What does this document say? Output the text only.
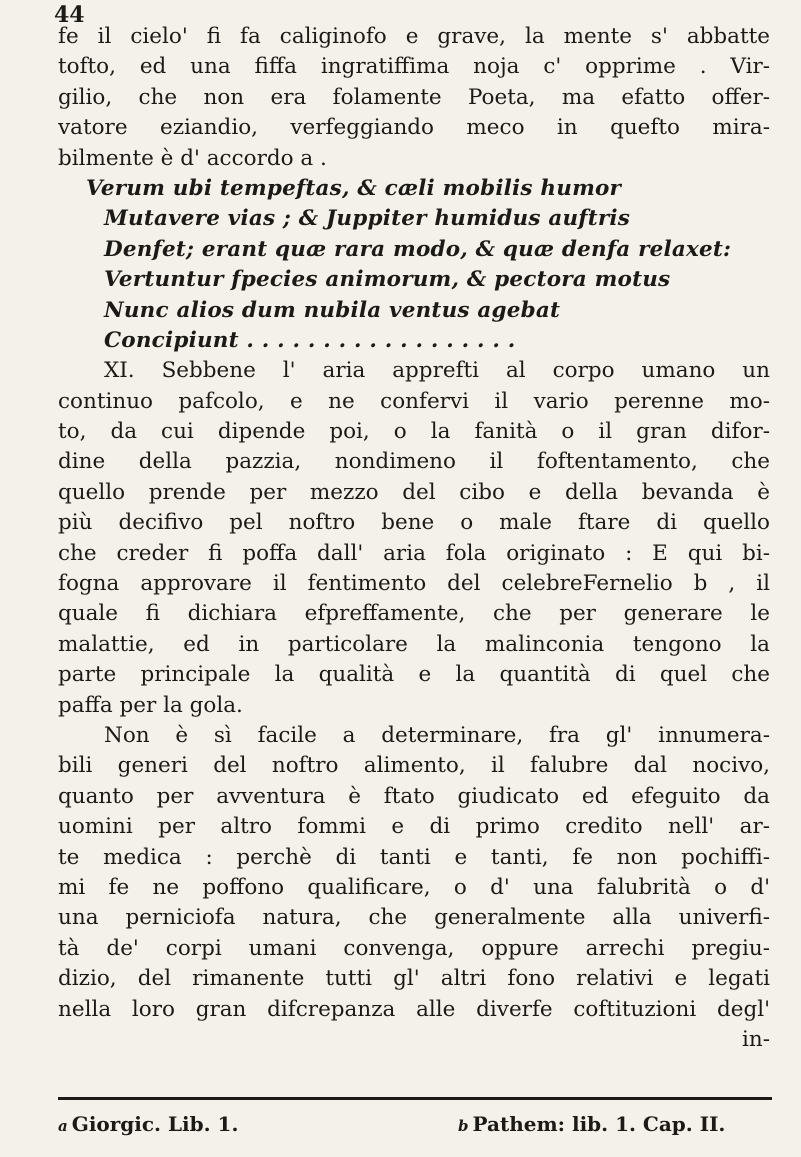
44
fe il cielo' fi fa caliginofo e grave, la mente s' abbatte
tofto, ed una fiffa ingratiffima noja c' opprime . Vir-
gilio, che non era folamente Poeta, ma efatto offer-
vatore eziandio, verfeggiando meco in quefto mira-
bilmente è d' accordo a .
Verum ubi tempeftas, & cæli mobilis humor
Mutavere vias ; & Juppiter humidus auftris
Denfet; erant quæ rara modo, & quæ denfa relaxet:
Vertuntur fpecies animorum, & pectora motus
Nunc alios dum nubila ventus agebat
Concipiunt . . . . . . . . . . . . . . . . . .
XI. Sebbene l' aria apprefti al corpo umano un
continuo pafcolo, e ne confervi il vario perenne mo-
to, da cui dipende poi, o la fanità o il gran difor-
dine della pazzia, nondimeno il foftentamento, che
quello prende per mezzo del cibo e della bevanda è
più decifivo pel noftro bene o male ftare di quello
che creder fi poffa dall' aria fola originato : E qui bi-
fogna approvare il fentimento del celebreFernelio b , il
quale fi dichiara efpreffamente, che per generare le
malattie, ed in particolare la malinconia tengono la
parte principale la qualità e la quantità di quel che
paffa per la gola.
Non è sì facile a determinare, fra gl' innumera-
bili generi del noftro alimento, il falubre dal nocivo,
quanto per avventura è ftato giudicato ed efeguito da
uomini per altro fommi e di primo credito nell' ar-
te medica : perchè di tanti e tanti, fe non pochiffi-
mi fe ne poffono qualificare, o d' una falubrità o d'
una perniciofa natura, che generalmente alla univerfi-
tà de' corpi umani convenga, oppure arrechi pregiu-
dizio, del rimanente tutti gl' altri fono relativi e legati
nella loro gran difcrepanza alle diverfe coftituzioni degl'
in-
a Giorgic. Lib. 1.	b Pathem: lib. 1. Cap. II.
